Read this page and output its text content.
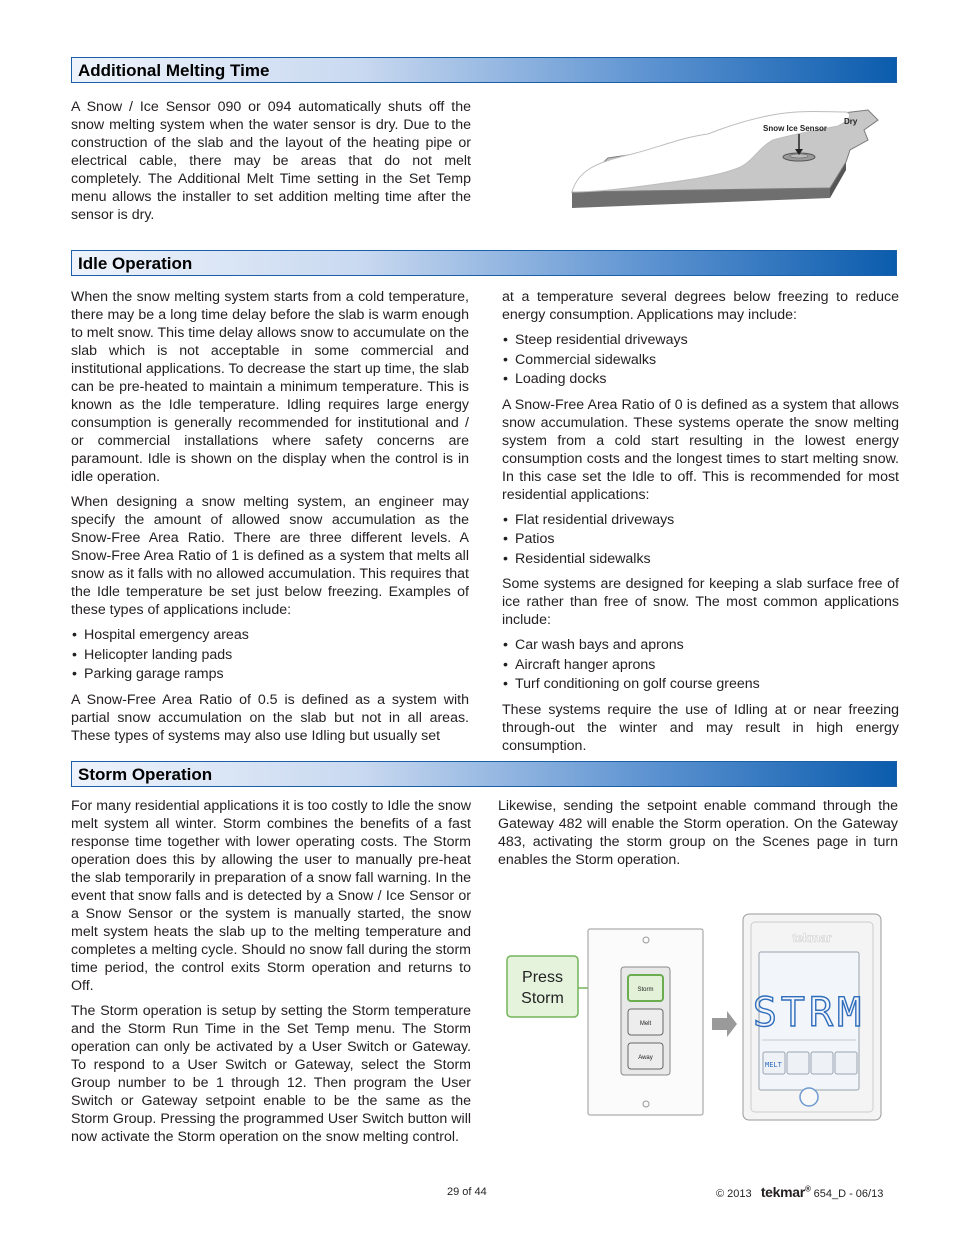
Additional Melting Time

A Snow / Ice Sensor 090 or 094 automatically shuts off the snow melting system when the water sensor is dry. Due to the construction of the slab and the layout of the heating pipe or electrical cable, there may be areas that do not melt completely. The Additional Melt Time setting in the Set Temp menu allows the installer to set addition melting time after the sensor is dry.

Snow Ice Sensor
Dry
Idle Operation

When the snow melting system starts from a cold temperature, there may be a long time delay before the slab is warm enough to melt snow. This time delay allows snow to accumulate on the slab which is not acceptable in some commercial and institutional applications. To decrease the start up time, the slab can be pre-heated to maintain a minimum temperature. This is known as the Idle temperature. Idling requires large energy consumption is generally recommended for institutional and / or commercial installations where safety concerns are paramount. Idle is shown on the display when the control is in idle operation.

When designing a snow melting system, an engineer may specify the amount of allowed snow accumulation as the Snow-Free Area Ratio. There are three different levels. A Snow-Free Area Ratio of 1 is defined as a system that melts all snow as it falls with no allowed accumulation. This requires that the Idle temperature be set just below freezing. Examples of these types of applications include:

• Hospital emergency areas
• Helicopter landing pads
• Parking garage ramps

A Snow-Free Area Ratio of 0.5 is defined as a system with partial snow accumulation on the slab but not in all areas. These types of systems may also use Idling but usually set

at a temperature several degrees below freezing to reduce energy consumption. Applications may include:

• Steep residential driveways
• Commercial sidewalks
• Loading docks

A Snow-Free Area Ratio of 0 is defined as a system that allows snow accumulation. These systems operate the snow melting system from a cold start resulting in the lowest energy consumption costs and the longest times to start melting snow. In this case set the Idle to off. This is recommended for most residential applications:

• Flat residential driveways
• Patios
• Residential sidewalks

Some systems are designed for keeping a slab surface free of ice rather than free of snow. The most common applications include:

• Car wash bays and aprons
• Aircraft hanger aprons
• Turf conditioning on golf course greens

These systems require the use of Idling at or near freezing through-out the winter and may result in high energy consumption.

Storm Operation

For many residential applications it is too costly to Idle the snow melt system all winter. Storm combines the benefits of a fast response time together with lower operating costs. The Storm operation does this by allowing the user to manually pre-heat the slab temporarily in preparation of a snow fall warning. In the event that snow falls and is detected by a Snow / Ice Sensor or a Snow Sensor or the system is manually started, the snow melt system heats the slab up to the melting temperature and completes a melting cycle. Should no snow fall during the storm time period, the control exits Storm operation and returns to Off.

The Storm operation is setup by setting the Storm temperature and the Storm Run Time in the Set Temp menu. The Storm operation can only be activated by a User Switch or Gateway. To respond to a User Switch or Gateway, select the Storm Group number to be 1 through 12. Then program the User Switch or Gateway setpoint enable to be the same as the Storm Group. Pressing the programmed User Switch button will now activate the Storm operation on the snow melting control.

Likewise, sending the setpoint enable command through the Gateway 482 will enable the Storm operation. On the Gateway 483, activating the storm group on the Scenes page in turn enables the Storm operation.

Press
Storm	Storm
Melt
Away
tekmar
STRM
MELT
29 of 44	© 2013 tekmar® 654_D - 06/13
